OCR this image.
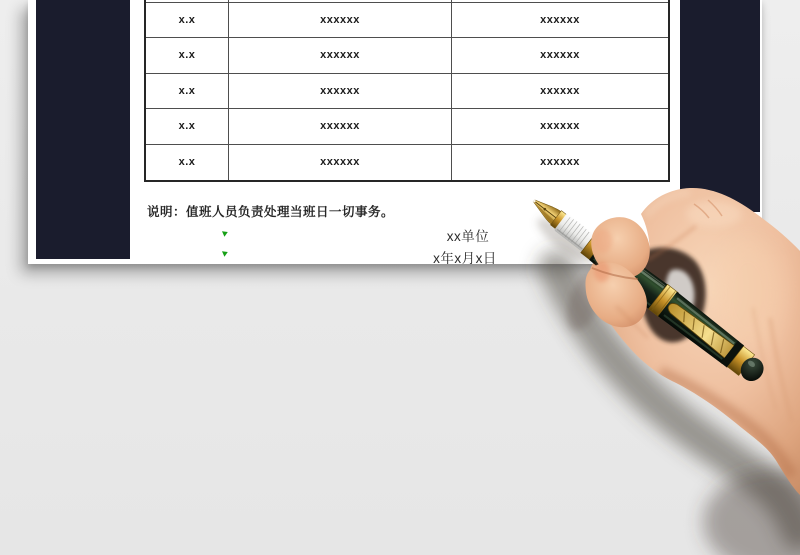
x.x	xxxxxx	xxxxxx
x.x	xxxxxx	xxxxxx
x.x	xxxxxx	xxxxxx
x.x	xxxxxx	xxxxxx
x.x	xxxxxx	xxxxxx
说明：值班人员负责处理当班日一切事务。
xx单位
x年x月x日
